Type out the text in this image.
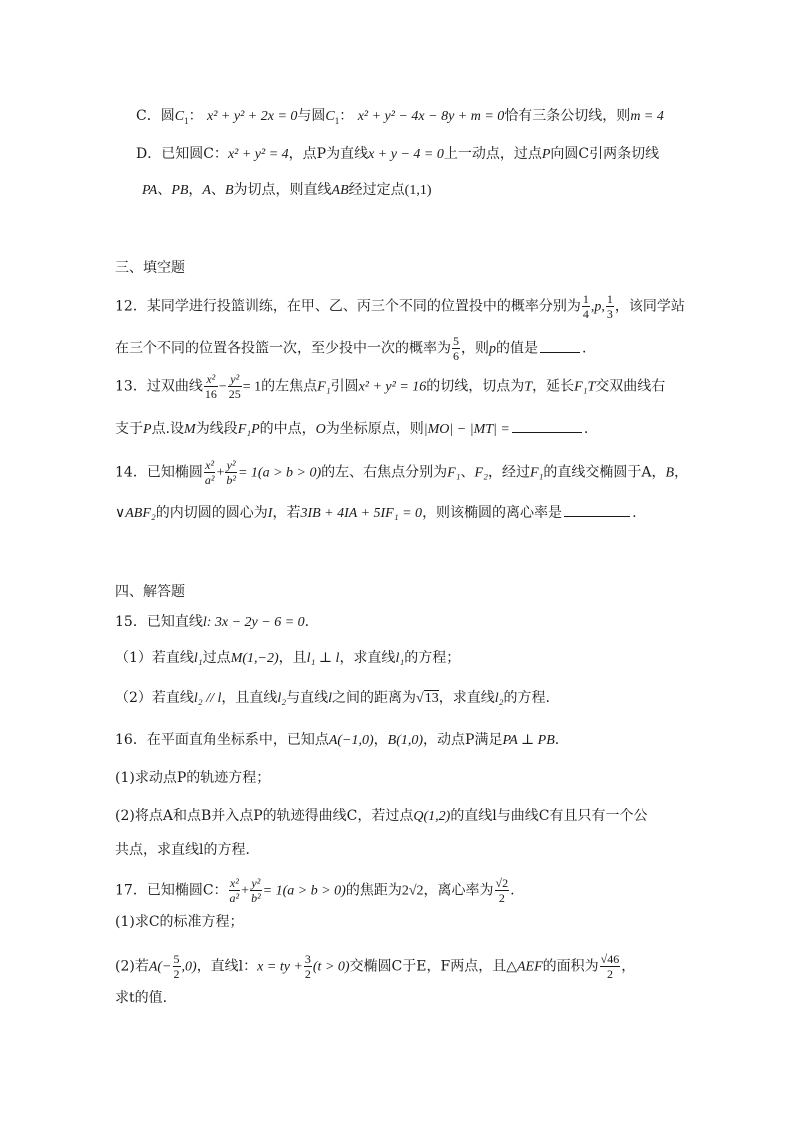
C．圆$C_1$： x² + y² + 2x = 0与圆$C_1$： x² + y² − 4x − 8y + m = 0恰有三条公切线，则m = 4
D．已知圆C：x² + y² = 4，点P为直线x + y − 4 = 0上一动点，过点P向圆C引两条切线
PA、PB，A、B为切点，则直线AB经过定点(1,1)
三、填空题
12．某同学进行投篮训练，在甲、乙、丙三个不同的位置投中的概率分别为 $\frac{1}{4} ,p$, $\frac{1}{3}$ ，该同学站
在三个不同的位置各投篮一次，至少投中一次的概率为 $\frac{5}{6}$ ，则p的值是	.
13．过双曲线 $\frac{\text{x²}}{16} - \frac{\text{y²}}{25} = 1$的左焦点F₁引圆x² + y² = 16的切线，切点为T，延长F₁T交双曲线右
支于P点.设M为线段F₁P的中点，O为坐标原点，则|MO| − |MT| =	.
14．已知椭圆 $\frac{\text{x²}}{\text{a²}} + \frac{\text{y²}}{\text{b²}} = 1(a > b > 0)$的左、右焦点分别为F₁、F₂，经过F₁的直线交椭圆于A，B，
∨ABF₂的内切圆的圆心为I，若3IB + 4IA + 5IF₁ = 0，则该椭圆的离心率是	.
四、解答题
15．已知直线l: 3x − 2y − 6 = 0.
（1）若直线l₁过点M(1,−2)，且l₁ ⊥ l，求直线l₁的方程；
（2）若直线l₂ // l，且直线l₂与直线l之间的距离为√13，求直线l₂的方程.
16．在平面直角坐标系中，已知点A(−1,0)，B(1,0)，动点P满足PA ⊥ PB.
(1)求动点P的轨迹方程；
(2)将点A和点B并入点P的轨迹得曲线C，若过点Q(1,2)的直线l与曲线C有且只有一个公
共点，求直线l的方程．
17．已知椭圆C： $\frac{\text{x²}}{\text{a²}} + \frac{\text{y²}}{\text{b²}} = 1(a > b > 0)$的焦距为2√2，离心率为 $\frac{√2}{2}$ .
(1)求C的标准方程；
(2)若$A(- \frac{5}{2} ,0)$，直线l：x = ty + $\frac{3}{2} (t > 0)$交椭圆C于E，F两点，且△AEF的面积为 $\frac{√46}{2}$ ，
求t的值.
